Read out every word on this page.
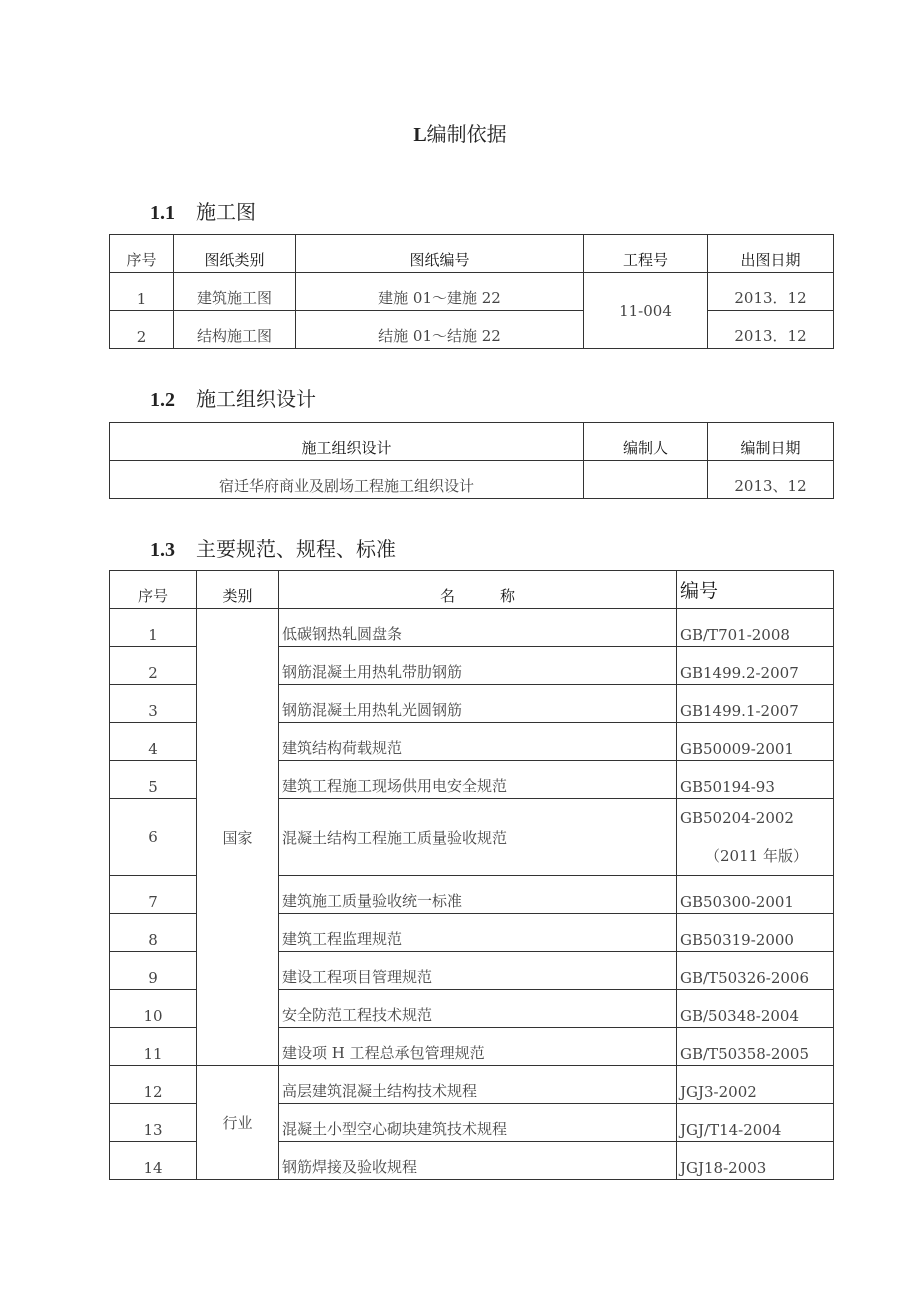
L编制依据
1.1 施工图
序号	图纸类别	图纸编号	工程号	出图日期
1	建筑施工图	建施 01～建施 22	11-004	2013．12
2	结构施工图	结施 01～结施 22		2013．12
1.2 施工组织设计
施工组织设计	编制人	编制日期
宿迁华府商业及剧场工程施工组织设计		2013、12
1.3 主要规范、规程、标准
序号	类别	名　　　称	编号
1	国家	低碳钢热轧圆盘条	GB/T701-2008
2		钢筋混凝土用热轧带肋钢筋	GB1499.2-2007
3		钢筋混凝土用热轧光圆钢筋	GB1499.1-2007
4		建筑结构荷载规范	GB50009-2001
5		建筑工程施工现场供用电安全规范	GB50194-93
6		混凝土结构工程施工质量验收规范	GB50204-2002
（2011 年版）

7		建筑施工质量验收统一标准	GB50300-2001
8		建筑工程监理规范	GB50319-2000
9		建设工程项目管理规范	GB/T50326-2006
10		安全防范工程技术规范	GB/50348-2004
11		建设项 H 工程总承包管理规范	GB/T50358-2005
12	行业	高层建筑混凝土结构技术规程	JGJ3-2002
13		混凝土小型空心砌块建筑技术规程	JGJ/T14-2004
14		钢筋焊接及验收规程	JGJ18-2003
